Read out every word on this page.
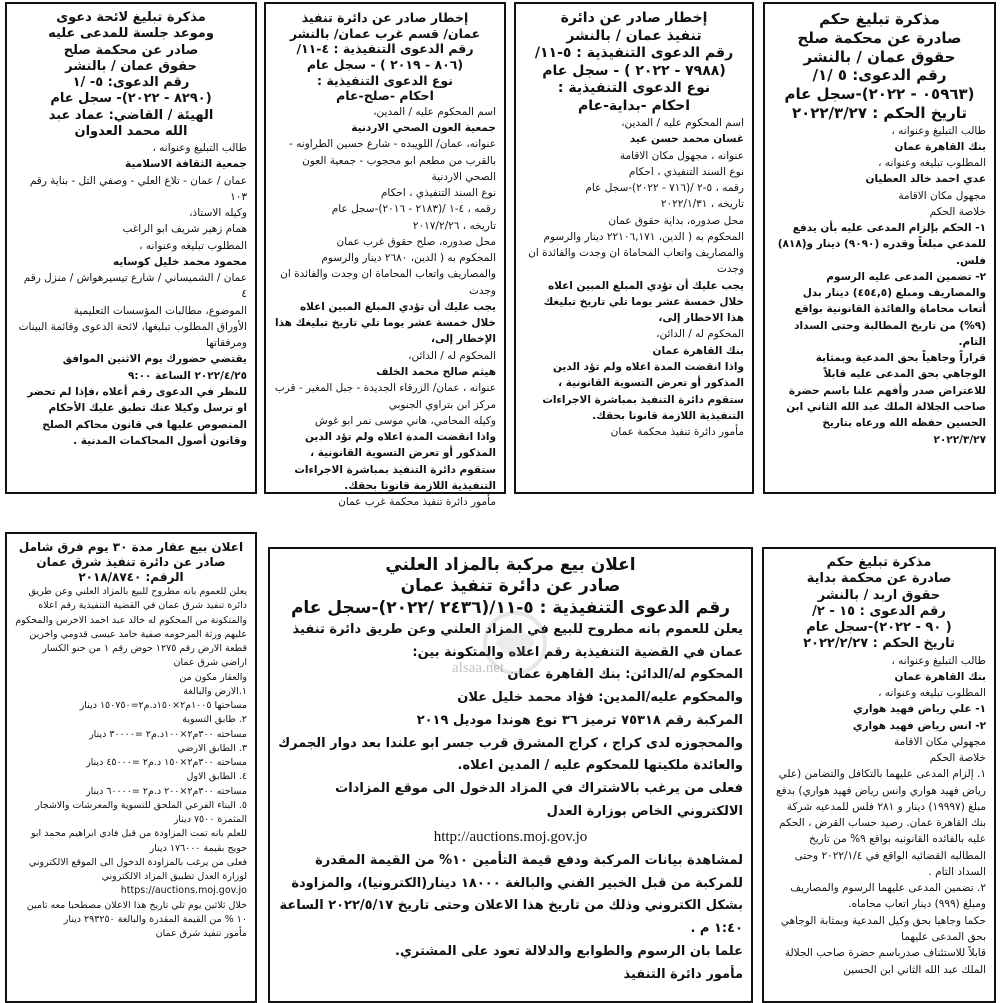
مذكرة تبليغ حكم
صادرة عن محكمة صلح
حقوق عمان / بالنشر
رقم الدعوى: ٥ /١/
(٠٥٩٦٣ - ٢٠٢٢)-سجل عام
تاريخ الحكم : ٢٠٢٢/٣/٢٧
طالب التبليغ وعنوانه ،
بنك القاهرة عمان
المطلوب تبليغه وعنوانه ،
عدي احمد خالد العطيان
مجهول مكان الاقامة
خلاصة الحكم
١- الحكم بإلزام المدعى عليه بأن يدفع للمدعي مبلغاً وقدره (٩٠٩٠) دينار و(٨١٨) فلس.
٢- تضمين المدعى عليه الرسوم والمصاريف ومبلغ (٤٥٤,٥) دينار بدل أتعاب محاماة والفائدة القانونية بواقع (٩%) من تاريخ المطالبة وحتى السداد التام.
قراراً وجاهياً بحق المدعية وبمثابة الوجاهي بحق المدعى عليه قابلاً للاعتراض صدر وأفهم علنا باسم حضرة صاحب الجلالة الملك عبد الله الثاني ابن الحسين حفظه الله ورعاه بتاريخ ٢٠٢٢/٣/٢٧
إخطار صادر عن دائرة
تنفيذ عمان / بالنشر
رقم الدعوى التنفيذية : ٥-١١/
(٧٩٨٨ - ٢٠٢٢ ) - سجل عام
نوع الدعوى التنفيذية :
احكام -بداية-عام
اسم المحكوم عليه / المدين،
غسان محمد حسن عيد
عنوانه ، مجهول مكان الاقامة
نوع السند التنفيذي ، احكام
رقمه ، ٥-٢ /(٧١٦ - ٢٠٢٢)-سجل عام
تاريخه ، ٢٠٢٢/١/٣١
محل صدوره، بداية حقوق عمان
المحكوم به ( الدين، ٢٢١٠٦,١٧١ دينار والرسوم والمصاريف واتعاب المحاماة ان وجدت والفائدة ان وجدت
يجب عليك أن تؤدي المبلغ المبين اعلاه خلال خمسة عشر يوما تلي تاريخ تبليغك هذا الاخطار إلى،
المحكوم له / الدائن،
بنك القاهرة عمان
واذا انقضت المدة اعلاه ولم تؤد الدين المذكور أو تعرض التسوية القانونية ، ستقوم دائرة التنفيذ بمباشرة الاجراءات التنفيذية اللازمة قانونا بحقك.
مأمور دائرة تنفيذ محكمة عمان
إخطار صادر عن دائرة تنفيذ
عمان/ قسم غرب عمان/ بالنشر
رقم الدعوى التنفيذية : ٤-١١/
(٨٠٦ - ٢٠١٩ ) - سجل عام
نوع الدعوى التنفيذية :
احكام -صلح-عام
اسم المحكوم عليه / المدين،
جمعية العون الصحي الاردنية
عنوانه، عمان/ اللويبده - شارع حسين الطراونه - بالقرب من مطعم ابو محجوب - جمعية العون الصحي الاردنية
نوع السند التنفيذي ، احكام
رقمه ، ٤-١ /(٢١٨٣ - ٢٠١٦)-سجل عام
تاريخه ، ٢٠١٧/٢/٢٦
محل صدوره، صلح حقوق غرب عمان
المحكوم به ( الدين، ٢٦٨٠ دينار والرسوم والمصاريف واتعاب المحاماة ان وجدت والفائدة ان وجدت
يجب عليك أن تؤدي المبلغ المبين اعلاه خلال خمسة عشر يوما تلي تاريخ تبليغك هذا الإخطار إلى،
المحكوم له / الدائن،
هيثم صالح محمد الخلف
عنوانه ، عمان/ الزرقاء الجديدة - جبل المغير - قرب مركز ابن بتراوي الجنوبي
وكيله المحامي، هاني موسى نمر ابو غوش
واذا انقضت المدة اعلاه ولم تؤد الدين المذكور أو تعرض التسوية القانونية ، ستقوم دائرة التنفيذ بمباشرة الاجراءات التنفيذية اللازمة قانونا بحقك.
مأمور دائرة تنفيذ محكمة غرب عمان
مذكرة تبليغ لائحة دعوى
وموعد جلسة للمدعى عليه
صادر عن محكمة صلح
حقوق عمان / بالنشر
رقم الدعوى: ٥- /١
(٨٢٩٠ - ٢٠٢٢)- سجل عام
الهيئة / القاضي: عماد عبد
الله محمد العدوان
طالب التبليغ وعنوانه ،
جمعية الثقافة الاسلامية
عمان / عمان - تلاع العلي - وصفي التل - بناية رقم ١٠٣
وكيله الاستاذ،
همام زهير شريف ابو الراغب
المطلوب تبليغه وعنوانه ،
محمود محمد خليل كوسايه
عمان / الشميساني / شارع تيسيرهواش / منزل رقم ٤
الموضوع، مطالبات المؤسسات التعليمية
الأوراق المطلوب تبليغها، لائحة الدعوى وقائمة البينات ومرفقاتها
يقتضي حضورك يوم الاثنين الموافق ٢٠٢٢/٤/٢٥ الساعة ٩:٠٠
للنظر في الدعوى رقم أعلاه ،فإذا لم تحضر او ترسل وكيلا عنك تطبق عليك الأحكام المنصوص عليها في قانون محاكم الصلح وقانون أصول المحاكمات المدنية .
مذكرة تبليغ حكم
صادرة عن محكمة بداية
حقوق اربد / بالنشر
رقم الدعوى : ١٥ - ٢/
( ٩٠ - ٢٠٢٢)-سجل عام
تاريخ الحكم : ٢٠٢٢/٢/٢٧
طالب التبليغ وعنوانه ،
بنك القاهرة عمان
المطلوب تبليغه وعنوانه ،
١- علي رياض فهيد هواري
٢- انس رياض فهيد هواري
مجهولي مكان الاقامة
خلاصة الحكم
١. إلزام المدعى عليهما بالتكافل والتضامن (علي رياض فهيد هواري وانس رياض فهيد هواري) بدفع مبلغ (١٩٩٩٧) دينار و ٢٨١ فلس للمدعيه شركة بنك القاهرة عمان. رصيد حساب القرض ، الحكم عليه بالفائده القانونيه بواقع ٩% من تاريخ المطالبه القضائيه الواقع في ٢٠٢٢/١/٤ وحتى السداد التام .
٢. تضمين المدعى عليهما الرسوم والمصاريف ومبلغ (٩٩٩) دينار اتعاب محاماه.
حكما وجاهيا بحق وكيل المدعية وبمثابة الوجاهي بحق المدعى عليهما
قابلاً للاستئناف صدرباسم حضرة صاحب الجلالة الملك عبد الله الثاني ابن الحسين
اعلان بيع مركبة بالمزاد العلني
صادر عن دائرة تنفيذ عمان
رقم الدعوى التنفيذية : ٥-١١/(٢٤٣٦ /٢٠٢٢)-سجل عام
يعلن للعموم بانه مطروح للبيع في المزاد العلني وعن طريق دائرة تنفيذ عمان في القضية التنفيذية رقم اعلاه والمتكونة بين:
المحكوم له/الدائن: بنك القاهرة عمان
والمحكوم عليه/المدين: فؤاد محمد خليل علان
المركبة رقم ٧٥٣١٨ ترميز ٣٦ نوع هوندا موديل ٢٠١٩
والمحجوزه لدى كراج ، كراج المشرق قرب جسر ابو علندا بعد دوار الجمرك والعائدة ملكيتها للمحكوم عليه / المدين اعلاه.
فعلى من يرغب بالاشتراك في المزاد الدخول الى موقع المزادات الالكتروني الخاص بوزارة العدل
http://auctions.moj.gov.jo
لمشاهدة بيانات المركبة ودفع قيمة التأمين ١٠% من القيمة المقدرة للمركبة من قبل الخبير الفني والبالغة ١٨٠٠٠ دينار(الكترونيا)، والمزاودة بشكل الكتروني وذلك من تاريخ هذا الاعلان وحتى تاريخ ٢٠٢٢/٥/١٧ الساعة ١:٤٠ م .
علما بان الرسوم والطوابع والدلالة تعود على المشتري.
مأمور دائرة التنفيذ
اعلان بيع عقار مدة ٣٠ يوم فرق شامل
صادر عن دائرة تنفيذ شرق عمان
الرقم: ٢٠١٨/٨٧٤٠
يعلن للعموم بانه مطروح للبيع بالمزاد العلني وعن طريق دائرة تنفيذ شرق عمان في القضية التنفيذية رقم اعلاه والمتكونة من المحكوم له خالد عبد احمد الاخرس والمحكوم عليهم ورثة المرحومه صفية حامد عيسى قدومي واخرين
قطعة الارض رقم ١٢٧٥ حوض رقم ١ من حنو الكسار اراضي شرق عمان
والعقار مكون من
١.الارض والبالغة
مساحتها ١٠٠٥م٢×١٥٠د.م٢=١٥٠٧٥٠ دينار
٢. طابق التسوية
مساحته ٣٠٠م٢×١٠٠د.م٢ =٣٠٠٠٠ دينار
٣. الطابق الارضي
مساحته ٣٠٠م٢×١٥٠ د.م٢ =٤٥٠٠٠ دينار
٤. الطابق الاول
مساحته ٣٠٠م٢×٢٠٠ د.م٢ =٦٠٠٠٠ دينار
٥. البناء الفرعي الملحق للتسوية والمعرشات والاشجار المثمرة ٧٥٠٠ دينار
للعلم بانه تمت المزاودة من قبل فادي ابراهيم محمد ابو حويج بقيمة ١٧٦٠٠٠ دينار
فعلى من يرغب بالمزاودة الدخول الى الموقع الالكتروني لوزارة العدل تطبيق المزاد الالكتروني https://auctions.moj.gov.jo
خلال ثلاثين يوم تلي تاريخ هذا الاعلان مصطحبا معه تامين ١٠ % من القيمة المقدرة والبالغة ٢٩٣٢٥٠ دينار
مأمور تنفيذ شرق عمان
alsaa.net
